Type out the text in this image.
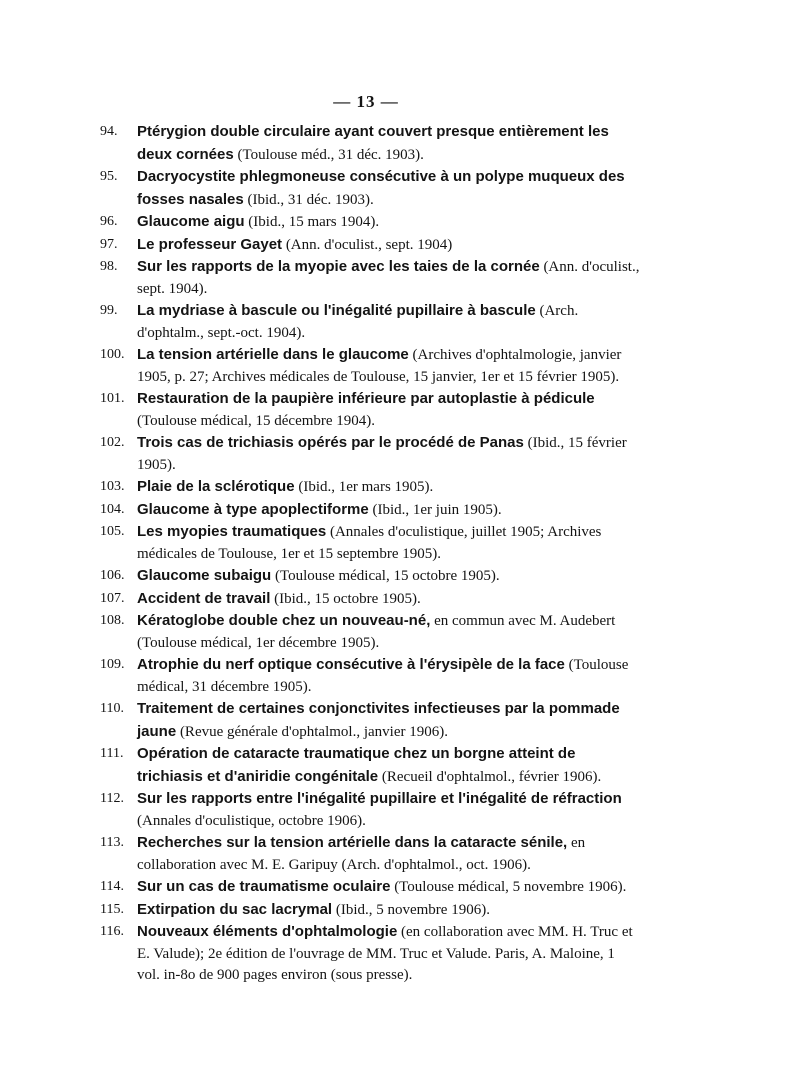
— 13 —

94.	Ptérygion double circulaire ayant couvert presque entièrement les deux cornées (Toulouse méd., 31 déc. 1903).

95.	Dacryocystite phlegmoneuse consécutive à un polype muqueux des fosses nasales (Ibid., 31 déc. 1903).

96.	Glaucome aigu (Ibid., 15 mars 1904).

97.	Le professeur Gayet (Ann. d'oculist., sept. 1904)

98.	Sur les rapports de la myopie avec les taies de la cornée (Ann. d'oculist., sept. 1904).

99.	La mydriase à bascule ou l'inégalité pupillaire à bascule (Arch. d'ophtalm., sept.-oct. 1904).

100. La tension artérielle dans le glaucome (Archives d'ophtalmologie, janvier 1905, p. 27; Archives médicales de Toulouse, 15 janvier, 1er et 15 février 1905).

101. Restauration de la paupière inférieure par autoplastie à pédicule (Toulouse médical, 15 décembre 1904).

102. Trois cas de trichiasis opérés par le procédé de Panas (Ibid., 15 février 1905).

103. Plaie de la sclérotique (Ibid., 1er mars 1905).

104. Glaucome à type apoplectiforme (Ibid., 1er juin 1905).

105. Les myopies traumatiques (Annales d'oculistique, juillet 1905; Archives médicales de Toulouse, 1er et 15 septembre 1905).

106. Glaucome subaigu (Toulouse médical, 15 octobre 1905).

107. Accident de travail (Ibid., 15 octobre 1905).

108. Kératoglobe double chez un nouveau-né, en commun avec M. Audebert (Toulouse médical, 1er décembre 1905).

109. Atrophie du nerf optique consécutive à l'érysipèle de la face (Toulouse médical, 31 décembre 1905).

110. Traitement de certaines conjonctivites infectieuses par la pommade jaune (Revue générale d'ophtalmol., janvier 1906).

111. Opération de cataracte traumatique chez un borgne atteint de trichiasis et d'aniridie congénitale (Recueil d'ophtalmol., février 1906).

112. Sur les rapports entre l'inégalité pupillaire et l'inégalité de réfraction (Annales d'oculistique, octobre 1906).

113. Recherches sur la tension artérielle dans la cataracte sénile, en collaboration avec M. E. Garipuy (Arch. d'ophtalmol., oct. 1906).

114. Sur un cas de traumatisme oculaire (Toulouse médical, 5 novembre 1906).

115. Extirpation du sac lacrymal (Ibid., 5 novembre 1906).

116. Nouveaux éléments d'ophtalmologie (en collaboration avec MM. H. Truc et E. Valude); 2e édition de l'ouvrage de MM. Truc et Valude. Paris, A. Maloine, 1 vol. in-8o de 900 pages environ (sous presse).
